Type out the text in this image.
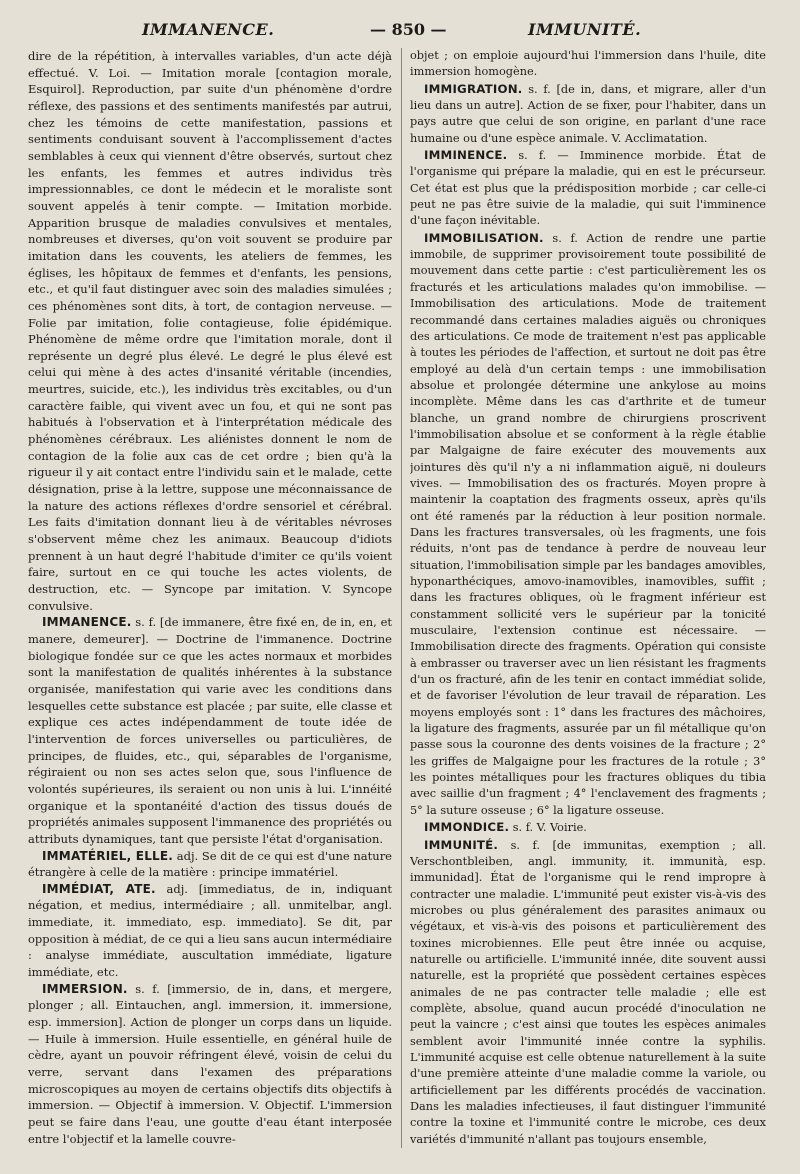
IMMANENCE.	— 850 —	IMMUNITÉ.

dire de la répétition, à intervalles variables, d'un acte déjà effectué. V. Loi. — Imitation morale [contagion morale, Esquirol]. Reproduction, par suite d'un phénomène d'ordre réflexe, des passions et des sentiments manifestés par autrui, chez les témoins de cette manifestation, passions et sentiments conduisant souvent à l'accomplissement d'actes semblables à ceux qui viennent d'être observés, surtout chez les enfants, les femmes et autres individus très impressionnables, ce dont le médecin et le moraliste sont souvent appelés à tenir compte. — Imitation morbide. Apparition brusque de maladies convulsives et mentales, nombreuses et diverses, qu'on voit souvent se produire par imitation dans les couvents, les ateliers de femmes, les églises, les hôpitaux de femmes et d'enfants, les pensions, etc., et qu'il faut distinguer avec soin des maladies simulées ; ces phénomènes sont dits, à tort, de contagion nerveuse. — Folie par imitation, folie contagieuse, folie épidémique. Phénomène de même ordre que l'imitation morale, dont il représente un degré plus élevé. Le degré le plus élevé est celui qui mène à des actes d'insanité véritable (incendies, meurtres, suicide, etc.), les individus très excitables, ou d'un caractère faible, qui vivent avec un fou, et qui ne sont pas habitués à l'observation et à l'interprétation médicale des phénomènes cérébraux. Les aliénistes donnent le nom de contagion de la folie aux cas de cet ordre ; bien qu'à la rigueur il y ait contact entre l'individu sain et le malade, cette désignation, prise à la lettre, suppose une méconnaissance de la nature des actions réflexes d'ordre sensoriel et cérébral. Les faits d'imitation donnant lieu à de véritables névroses s'observent même chez les animaux. Beaucoup d'idiots prennent à un haut degré l'habitude d'imiter ce qu'ils voient faire, surtout en ce qui touche les actes violents, de destruction, etc. — Syncope par imitation. V. Syncope convulsive.

IMMANENCE. s. f. [de immanere, être fixé en, de in, en, et manere, demeurer]. — Doctrine de l'immanence. Doctrine biologique fondée sur ce que les actes normaux et morbides sont la manifestation de qualités inhérentes à la substance organisée, manifestation qui varie avec les conditions dans lesquelles cette substance est placée ; par suite, elle classe et explique ces actes indépendamment de toute idée de l'intervention de forces universelles ou particulières, de principes, de fluides, etc., qui, séparables de l'organisme, régiraient ou non ses actes selon que, sous l'influence de volontés supérieures, ils seraient ou non unis à lui. L'innéité organique et la spontanéité d'action des tissus doués de propriétés animales supposent l'immanence des propriétés ou attributs dynamiques, tant que persiste l'état d'organisation.

IMMATÉRIEL, ELLE. adj. Se dit de ce qui est d'une nature étrangère à celle de la matière : principe immatériel.

IMMÉDIAT, ATE. adj. [immediatus, de in, indiquant négation, et medius, intermédiaire ; all. unmitelbar, angl. immediate, it. immediato, esp. immediato]. Se dit, par opposition à médiat, de ce qui a lieu sans aucun intermédiaire : analyse immédiate, auscultation immédiate, ligature immédiate, etc.

IMMERSION. s. f. [immersio, de in, dans, et mergere, plonger ; all. Eintauchen, angl. immersion, it. immersione, esp. immersion]. Action de plonger un corps dans un liquide. — Huile à immersion. Huile essentielle, en général huile de cèdre, ayant un pouvoir réfringent élevé, voisin de celui du verre, servant dans l'examen des préparations microscopiques au moyen de certains objectifs dits objectifs à immersion. — Objectif à immersion. V. Objectif. L'immersion peut se faire dans l'eau, une goutte d'eau étant interposée entre l'objectif et la lamelle couvre-

objet ; on emploie aujourd'hui l'immersion dans l'huile, dite immersion homogène.

IMMIGRATION. s. f. [de in, dans, et migrare, aller d'un lieu dans un autre]. Action de se fixer, pour l'habiter, dans un pays autre que celui de son origine, en parlant d'une race humaine ou d'une espèce animale. V. Acclimatation.

IMMINENCE. s. f. — Imminence morbide. État de l'organisme qui prépare la maladie, qui en est le précurseur. Cet état est plus que la prédisposition morbide ; car celle-ci peut ne pas être suivie de la maladie, qui suit l'imminence d'une façon inévitable.

IMMOBILISATION. s. f. Action de rendre une partie immobile, de supprimer provisoirement toute possibilité de mouvement dans cette partie : c'est particulièrement les os fracturés et les articulations malades qu'on immobilise. — Immobilisation des articulations. Mode de traitement recommandé dans certaines maladies aiguës ou chroniques des articulations. Ce mode de traitement n'est pas applicable à toutes les périodes de l'affection, et surtout ne doit pas être employé au delà d'un certain temps : une immobilisation absolue et prolongée détermine une ankylose au moins incomplète. Même dans les cas d'arthrite et de tumeur blanche, un grand nombre de chirurgiens proscrivent l'immobilisation absolue et se conforment à la règle établie par Malgaigne de faire exécuter des mouvements aux jointures dès qu'il n'y a ni inflammation aiguë, ni douleurs vives. — Immobilisation des os fracturés. Moyen propre à maintenir la coaptation des fragments osseux, après qu'ils ont été ramenés par la réduction à leur position normale. Dans les fractures transversales, où les fragments, une fois réduits, n'ont pas de tendance à perdre de nouveau leur situation, l'immobilisation simple par les bandages amovibles, hyponarthéciques, amovo-inamovibles, inamovibles, suffit ; dans les fractures obliques, où le fragment inférieur est constamment sollicité vers le supérieur par la tonicité musculaire, l'extension continue est nécessaire. — Immobilisation directe des fragments. Opération qui consiste à embrasser ou traverser avec un lien résistant les fragments d'un os fracturé, afin de les tenir en contact immédiat solide, et de favoriser l'évolution de leur travail de réparation. Les moyens employés sont : 1° dans les fractures des mâchoires, la ligature des fragments, assurée par un fil métallique qu'on passe sous la couronne des dents voisines de la fracture ; 2° les griffes de Malgaigne pour les fractures de la rotule ; 3° les pointes métalliques pour les fractures obliques du tibia avec saillie d'un fragment ; 4° l'enclavement des fragments ; 5° la suture osseuse ; 6° la ligature osseuse.

IMMONDICE. s. f. V. Voirie.

IMMUNITÉ. s. f. [de immunitas, exemption ; all. Verschontbleiben, angl. immunity, it. immunità, esp. immunidad]. État de l'organisme qui le rend impropre à contracter une maladie. L'immunité peut exister vis-à-vis des microbes ou plus généralement des parasites animaux ou végétaux, et vis-à-vis des poisons et particulièrement des toxines microbiennes. Elle peut être innée ou acquise, naturelle ou artificielle. L'immunité innée, dite souvent aussi naturelle, est la propriété que possèdent certaines espèces animales de ne pas contracter telle maladie ; elle est complète, absolue, quand aucun procédé d'inoculation ne peut la vaincre ; c'est ainsi que toutes les espèces animales semblent avoir l'immunité innée contre la syphilis. L'immunité acquise est celle obtenue naturellement à la suite d'une première atteinte d'une maladie comme la variole, ou artificiellement par les différents procédés de vaccination. Dans les maladies infectieuses, il faut distinguer l'immunité contre la toxine et l'immunité contre le microbe, ces deux variétés d'immunité n'allant pas toujours ensemble,
